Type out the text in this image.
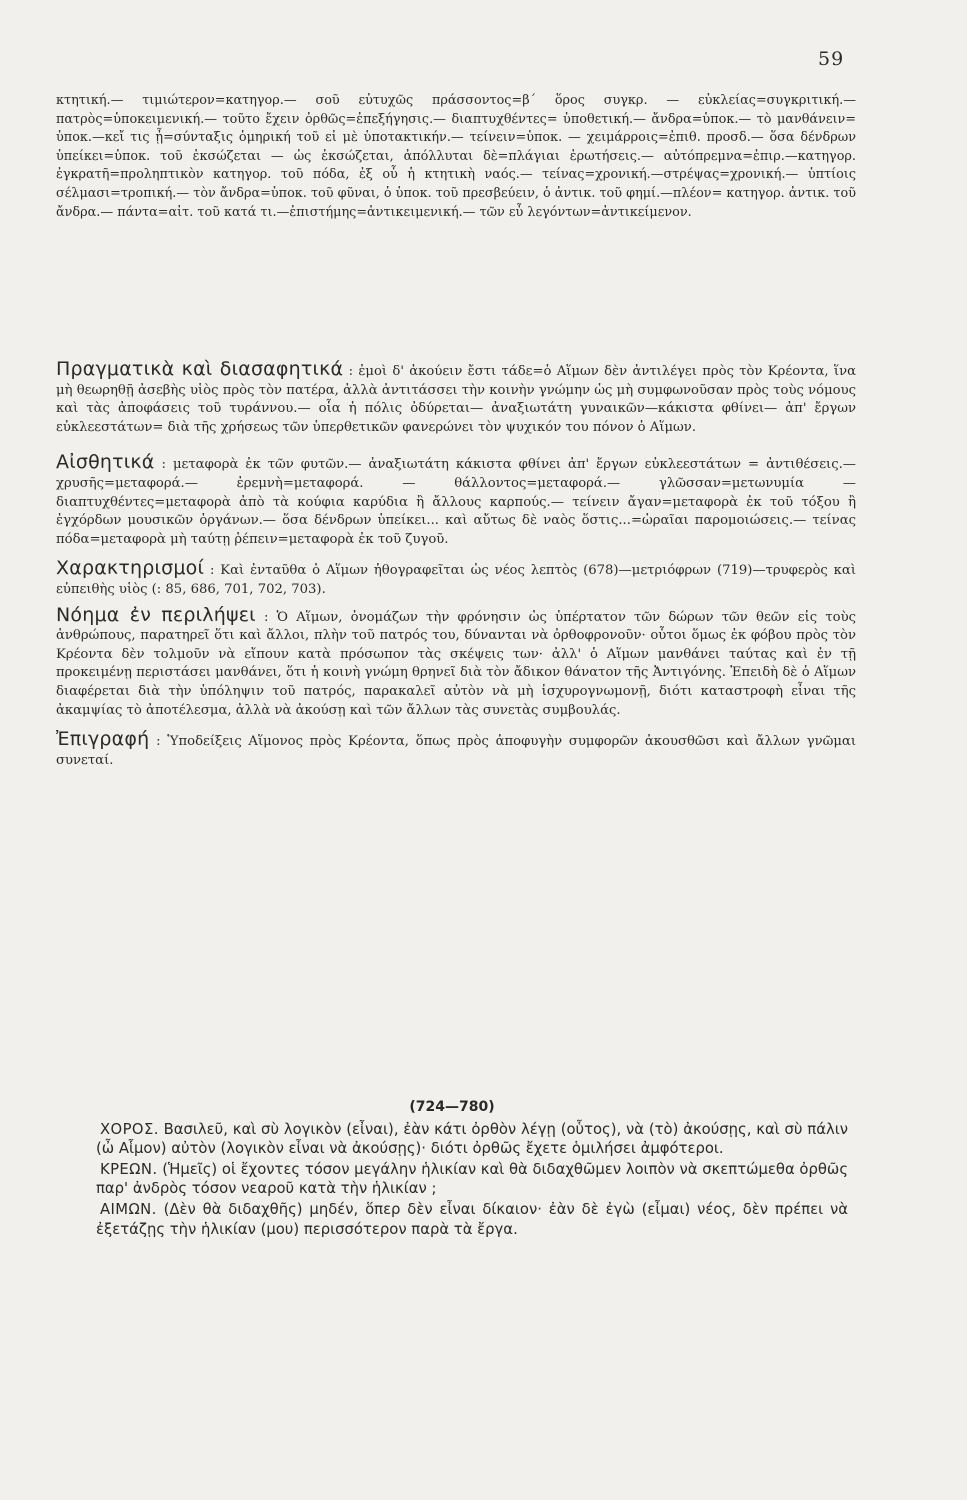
59

κτητική.— τιμιώτερον=κατηγορ.— σοῦ εὐτυχῶς πράσσοντος=β΄ ὅρος συγκρ. — εὐκλείας=συγκριτική.— πατρὸς=ὑποκειμενική.— τοῦτο ἔχειν ὀρθῶς=ἐπεξήγησις.— διαπτυχθέντες= ὑποθετική.— ἄνδρα=ὑποκ.— τὸ μανθάνειν= ὑποκ.—κεἴ τις ᾖ=σύνταξις ὁμηρική τοῦ εἰ μὲ ὑποτακτικήν.— τείνειν=ὑποκ. — χειμάρροις=ἐπιθ. προσδ.— ὅσα δένδρων ὑπείκει=ὑποκ. τοῦ ἐκσώζεται — ὡς ἐκσώζεται, ἀπόλλυται δὲ=πλάγιαι ἐρωτήσεις.— αὐτόπρεμνα=ἐπιρ.—κατηγορ. ἐγκρατῆ=προληπτικὸν κατηγορ. τοῦ πόδα, ἐξ οὗ ἡ κτητικὴ ναός.— τείνας=χρονική.—στρέψας=χρονική.— ὑπτίοις σέλμασι=τροπική.— τὸν ἄνδρα=ὑποκ. τοῦ φῦναι, ὁ ὑποκ. τοῦ πρεσβεύειν, ὁ ἀντικ. τοῦ φημί.—πλέον= κατηγορ. ἀντικ. τοῦ ἄνδρα.— πάντα=αἰτ. τοῦ κατά τι.—ἐπιστήμης=ἀντικειμενική.— τῶν εὖ λεγόντων=ἀντικείμενον.

Πραγματικὰ καὶ διασαφητικά : ἐμοὶ δ' ἀκούειν ἔστι τάδε=ὁ Αἵμων δὲν ἀντιλέγει πρὸς τὸν Κρέοντα, ἵνα μὴ θεωρηθῇ ἀσεβὴς υἱὸς πρὸς τὸν πατέρα, ἀλλὰ ἀντιτάσσει τὴν κοινὴν γνώμην ὡς μὴ συμφωνοῦσαν πρὸς τοὺς νόμους καὶ τὰς ἀποφάσεις τοῦ τυράννου.— οἷα ἡ πόλις ὀδύρεται— ἀναξιωτάτη γυναικῶν—κάκιστα φθίνει— ἀπ' ἔργων εὐκλεεστάτων= διὰ τῆς χρήσεως τῶν ὑπερθετικῶν φανερώνει τὸν ψυχικόν του πόνον ὁ Αἵμων.

Αἰσθητικά : μεταφορὰ ἐκ τῶν φυτῶν.— ἀναξιωτάτη κάκιστα φθίνει ἀπ' ἔργων εὐκλεεστάτων = ἀντιθέσεις.— χρυσῆς=μεταφορά.— ἐρεμνὴ=μεταφορά. — θάλλοντος=μεταφορά.— γλῶσσαν=μετωνυμία — διαπτυχθέντες=μεταφορὰ ἀπὸ τὰ κούφια καρύδια ἢ ἄλλους καρπούς.— τείνειν ἄγαν=μεταφορὰ ἐκ τοῦ τόξου ἢ ἐγχόρδων μουσικῶν ὀργάνων.— ὅσα δένδρων ὑπείκει... καὶ αὔτως δὲ ναὸς ὅστις...=ὡραῖαι παρομοιώσεις.— τείνας πόδα=μεταφορὰ μὴ ταύτῃ ῥέπειν=μεταφορὰ ἐκ τοῦ ζυγοῦ.

Χαρακτηρισμοί : Καὶ ἐνταῦθα ὁ Αἵμων ἠθογραφεῖται ὡς νέος λεπτὸς (678)—μετριόφρων (719)—τρυφερὸς καὶ εὐπειθὴς υἱὸς (: 85, 686, 701, 702, 703).

Νόημα ἐν περιλήψει : Ὁ Αἵμων, ὀνομάζων τὴν φρόνησιν ὡς ὑπέρτατον τῶν δώρων τῶν θεῶν εἰς τοὺς ἀνθρώπους, παρατηρεῖ ὅτι καὶ ἄλλοι, πλὴν τοῦ πατρός του, δύνανται νὰ ὀρθοφρονοῦν· οὗτοι ὅμως ἐκ φόβου πρὸς τὸν Κρέοντα δὲν τολμοῦν νὰ εἴπουν κατὰ πρόσωπον τὰς σκέψεις των· ἀλλ' ὁ Αἵμων μανθάνει ταύτας καὶ ἐν τῇ προκειμένῃ περιστάσει μανθάνει, ὅτι ἡ κοινὴ γνώμη θρηνεῖ διὰ τὸν ἄδικον θάνατον τῆς Ἀντιγόνης. Ἐπειδὴ δὲ ὁ Αἵμων διαφέρεται διὰ τὴν ὑπόληψιν τοῦ πατρός, παρακαλεῖ αὐτὸν νὰ μὴ ἰσχυρογνωμονῇ, διότι καταστροφὴ εἶναι τῆς ἀκαμψίας τὸ ἀποτέλεσμα, ἀλλὰ νὰ ἀκούσῃ καὶ τῶν ἄλλων τὰς συνετὰς συμβουλάς.

Ἐπιγραφή : Ὑποδείξεις Αἵμονος πρὸς Κρέοντα, ὅπως πρὸς ἀποφυγὴν συμφορῶν ἀκουσθῶσι καὶ ἄλλων γνῶμαι συνεταί.

(724—780)

ΧΟΡΟΣ. Βασιλεῦ, καὶ σὺ λογικὸν (εἶναι), ἐὰν κάτι ὀρθὸν λέγῃ (οὗτος), νὰ (τὸ) ἀκούσῃς, καὶ σὺ πάλιν (ὦ Αἷμον) αὐτὸν (λογικὸν εἶναι νὰ ἀκούσῃς)· διότι ὀρθῶς ἔχετε ὁμιλήσει ἀμφότεροι.

ΚΡΕΩΝ. (Ἡμεῖς) οἱ ἔχοντες τόσον μεγάλην ἡλικίαν καὶ θὰ διδαχθῶμεν λοιπὸν νὰ σκεπτώμεθα ὀρθῶς παρ' ἀνδρὸς τόσον νεαροῦ κατὰ τὴν ἡλικίαν ;

ΑΙΜΩΝ. (Δὲν θὰ διδαχθῆς) μηδέν, ὅπερ δὲν εἶναι δίκαιον· ἐὰν δὲ ἐγὼ (εἶμαι) νέος, δὲν πρέπει νὰ ἐξετάζῃς τὴν ἡλικίαν (μου) περισσότερον παρὰ τὰ ἔργα.
